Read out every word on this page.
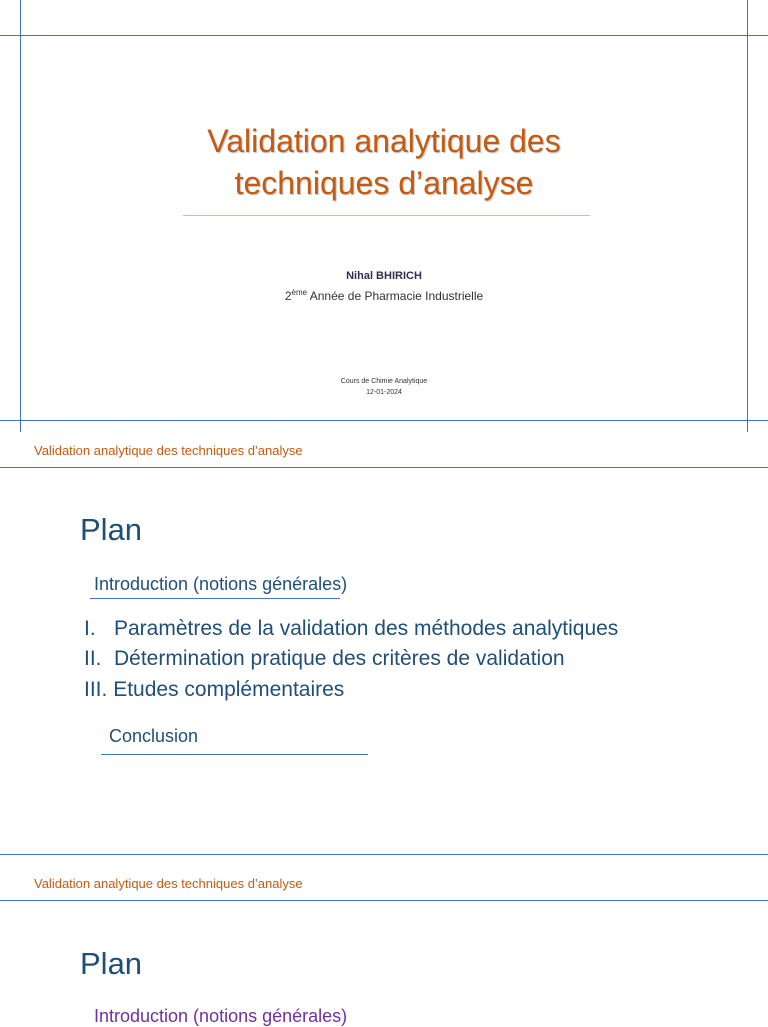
Validation analytique des
techniques d’analyse
Nihal BHIRICH
2ème Année de Pharmacie Industrielle
Cours de Chimie Analytique
12-01-2024
Validation analytique des techniques d’analyse
Plan
Introduction (notions générales)
I. Paramètres de la validation des méthodes analytiques
II. Détermination pratique des critères de validation
III. Etudes complémentaires
Conclusion
Validation analytique des techniques d’analyse
Plan
Introduction (notions générales)
